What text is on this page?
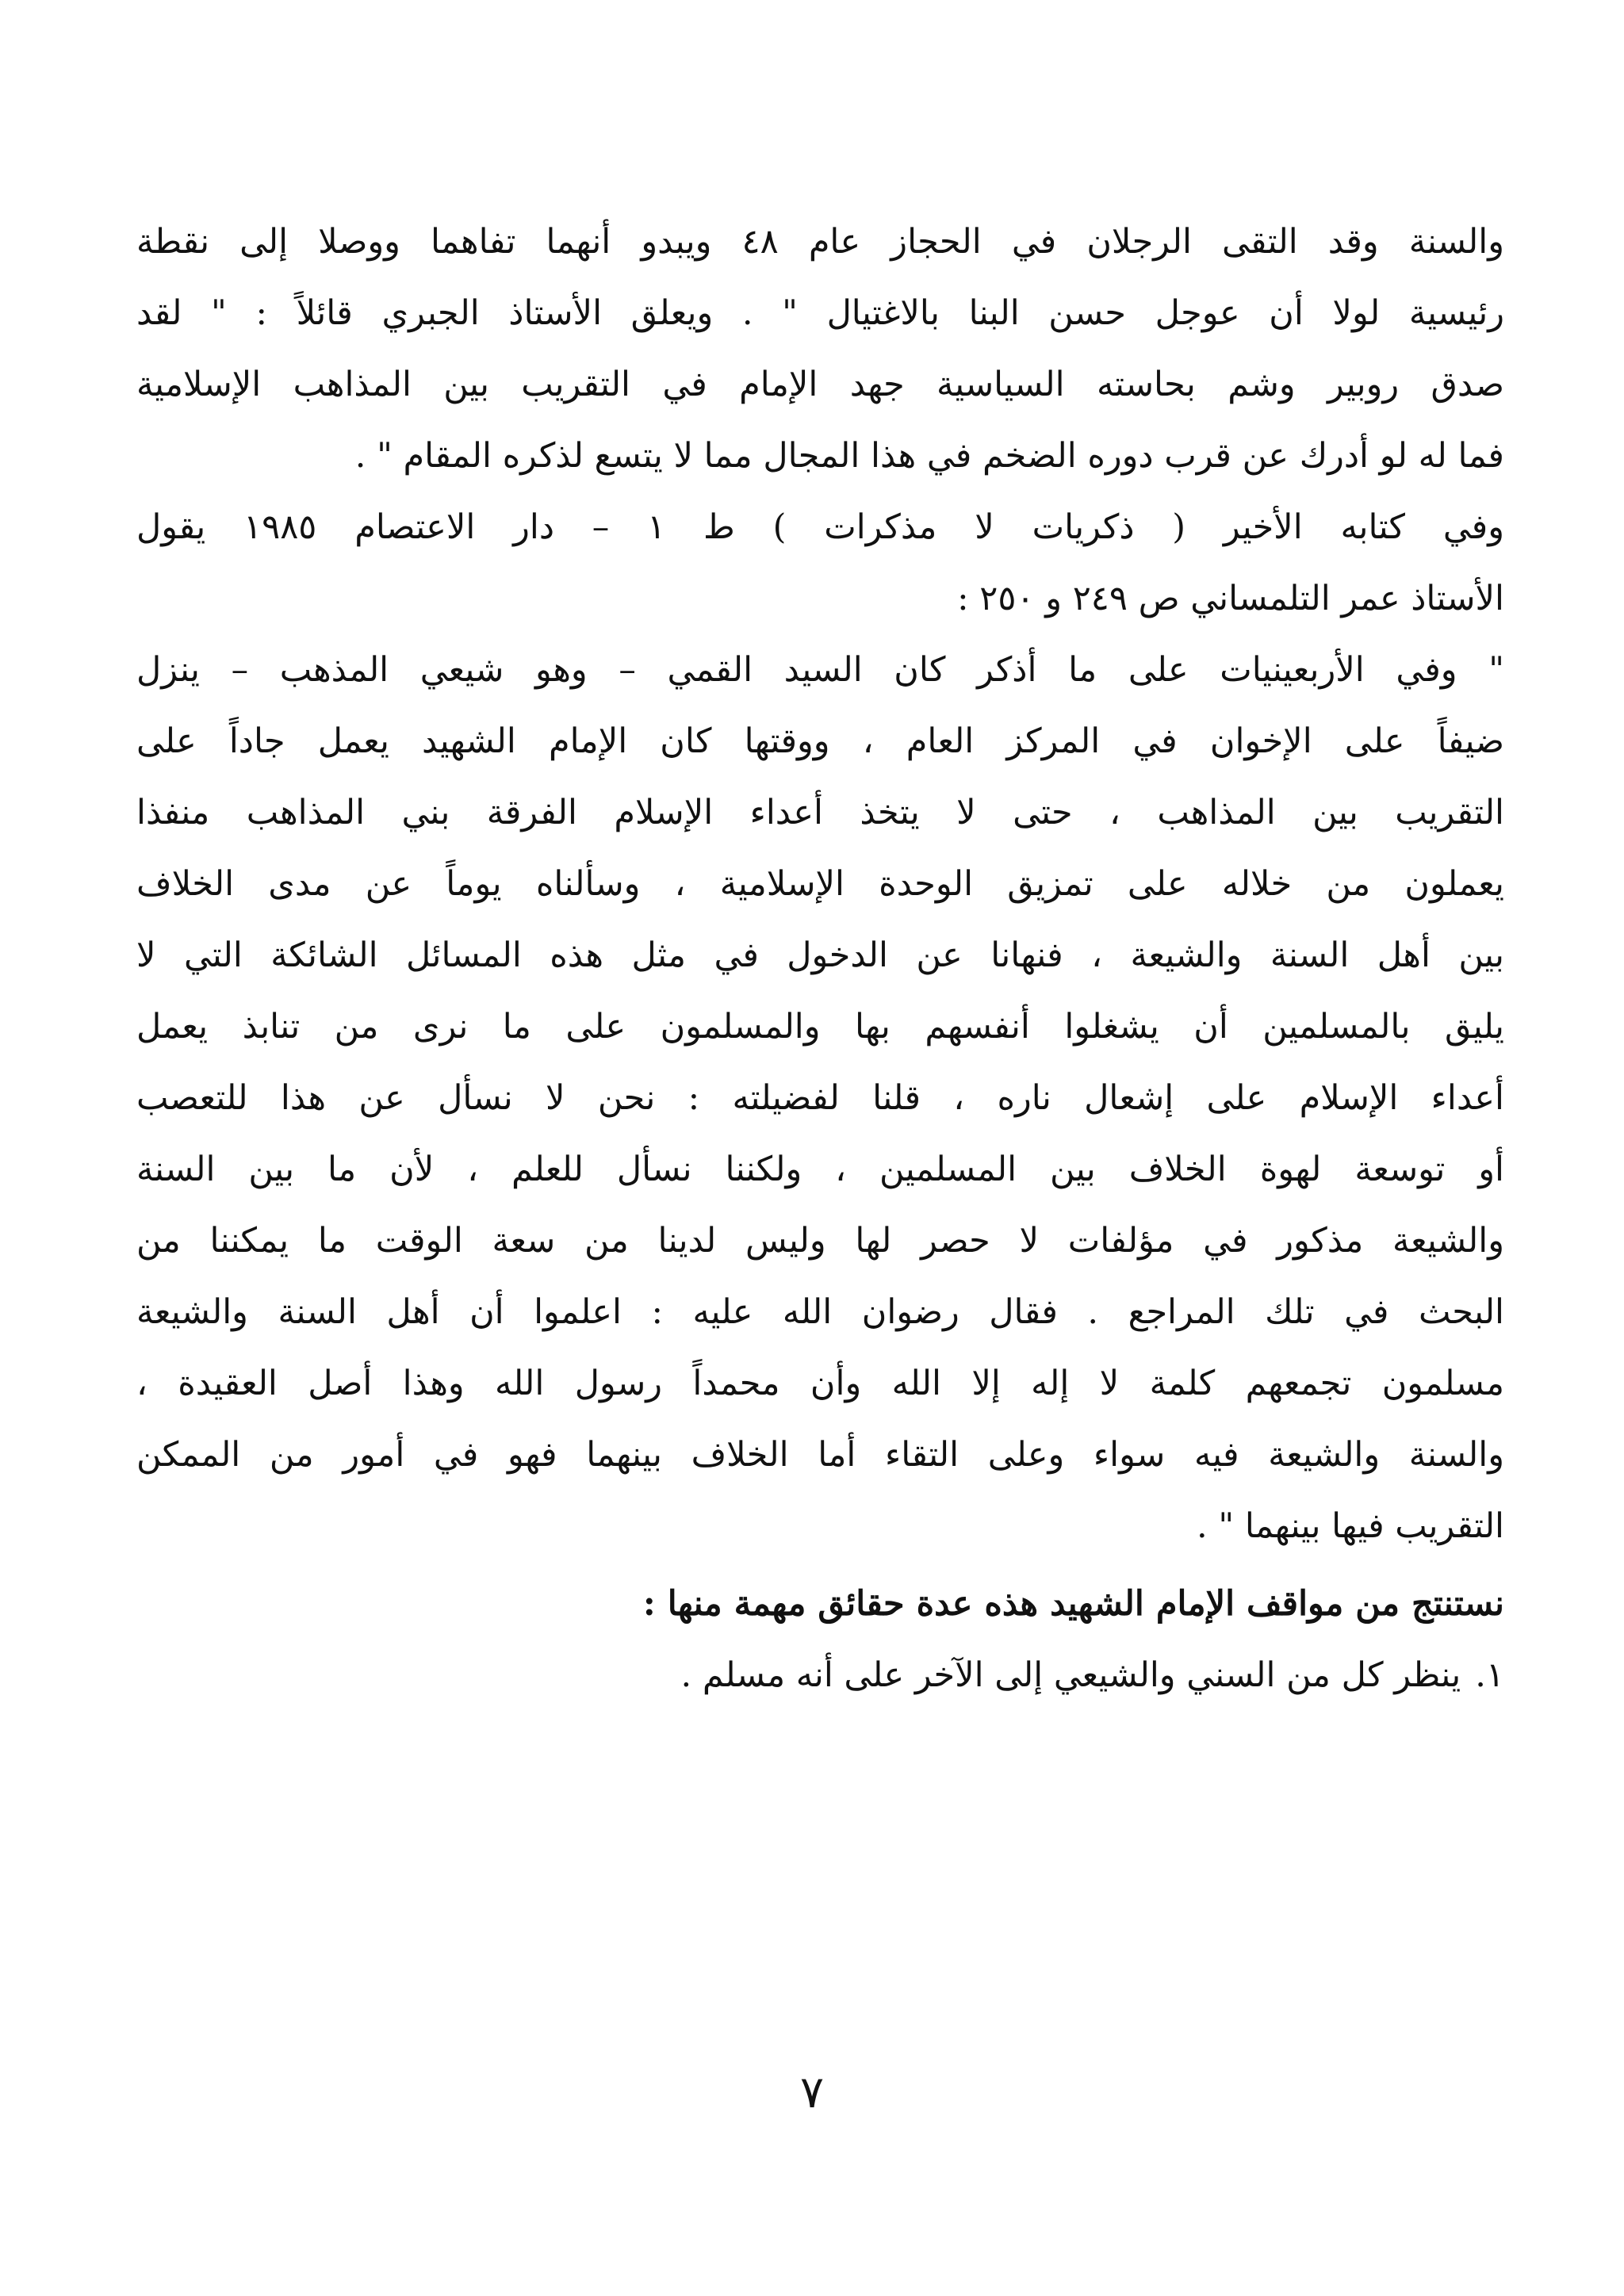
والسنة وقد التقى الرجلان في الحجاز عام ٤٨ ويبدو أنهما تفاهما ووصلا إلى نقطة
رئيسية لولا أن عوجل حسن البنا بالاغتيال " . ويعلق الأستاذ الجبري قائلاً : " لقد
صدق روبير وشم بحاسته السياسية جهد الإمام في التقريب بين المذاهب الإسلامية
فما له لو أدرك عن قرب دوره الضخم في هذا المجال مما لا يتسع لذكره المقام " .
وفي كتابه الأخير ( ذكريات لا مذكرات ) ط ١ – دار الاعتصام ١٩٨٥ يقول
الأستاذ عمر التلمساني ص ٢٤٩ و ٢٥٠ :
" وفي الأربعينيات على ما أذكر كان السيد القمي – وهو شيعي المذهب – ينزل
ضيفاً على الإخوان في المركز العام ، ووقتها كان الإمام الشهيد يعمل جاداً على
التقريب بين المذاهب ، حتى لا يتخذ أعداء الإسلام الفرقة بني المذاهب منفذا
يعملون من خلاله على تمزيق الوحدة الإسلامية ، وسألناه يوماً عن مدى الخلاف
بين أهل السنة والشيعة ، فنهانا عن الدخول في مثل هذه المسائل الشائكة التي لا
يليق بالمسلمين أن يشغلوا أنفسهم بها والمسلمون على ما نرى من تنابذ يعمل
أعداء الإسلام على إشعال ناره ، قلنا لفضيلته : نحن لا نسأل عن هذا للتعصب
أو توسعة لهوة الخلاف بين المسلمين ، ولكننا نسأل للعلم ، لأن ما بين السنة
والشيعة مذكور في مؤلفات لا حصر لها وليس لدينا من سعة الوقت ما يمكننا من
البحث في تلك المراجع . فقال رضوان الله عليه : اعلموا أن أهل السنة والشيعة
مسلمون تجمعهم كلمة لا إله إلا الله وأن محمداً رسول الله وهذا أصل العقيدة ،
والسنة والشيعة فيه سواء وعلى التقاء أما الخلاف بينهما فهو في أمور من الممكن
التقريب فيها بينهما " .
نستنتج من مواقف الإمام الشهيد هذه عدة حقائق مهمة منها :
١.
ينظر كل من السني والشيعي إلى الآخر على أنه مسلم .
٧
